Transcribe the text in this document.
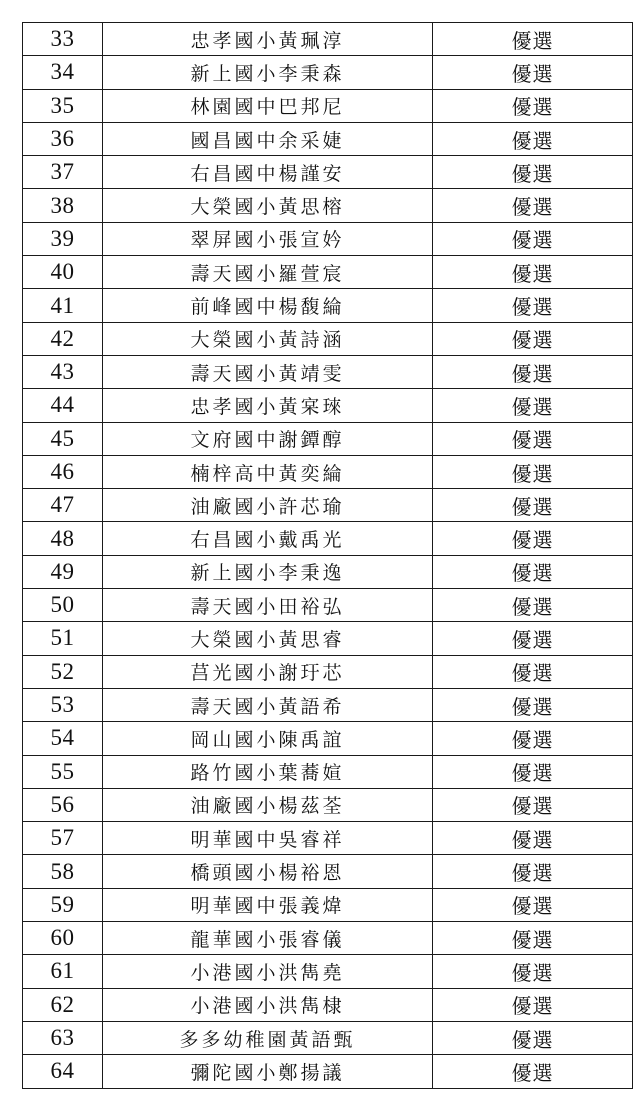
33	忠孝國小黃珮淳	優選
34	新上國小李秉森	優選
35	林園國中巴邦尼	優選
36	國昌國中余采婕	優選
37	右昌國中楊謹安	優選
38	大榮國小黃思榕	優選
39	翠屏國小張宣妗	優選
40	壽天國小羅萱宸	優選
41	前峰國中楊馥綸	優選
42	大榮國小黃詩涵	優選
43	壽天國小黃靖雯	優選
44	忠孝國小黃宲琜	優選
45	文府國中謝鐔醇	優選
46	楠梓高中黃奕綸	優選
47	油廠國小許芯瑜	優選
48	右昌國小戴禹光	優選
49	新上國小李秉逸	優選
50	壽天國小田裕弘	優選
51	大榮國小黃思睿	優選
52	莒光國小謝玗芯	優選
53	壽天國小黃語希	優選
54	岡山國小陳禹誼	優選
55	路竹國小葉蕎媗	優選
56	油廠國小楊茲荃	優選
57	明華國中吳睿祥	優選
58	橋頭國小楊裕恩	優選
59	明華國中張義煒	優選
60	龍華國小張睿儀	優選
61	小港國小洪雋堯	優選
62	小港國小洪雋棣	優選
63	多多幼稚園黃語甄	優選
64	彌陀國小鄭揚議	優選
